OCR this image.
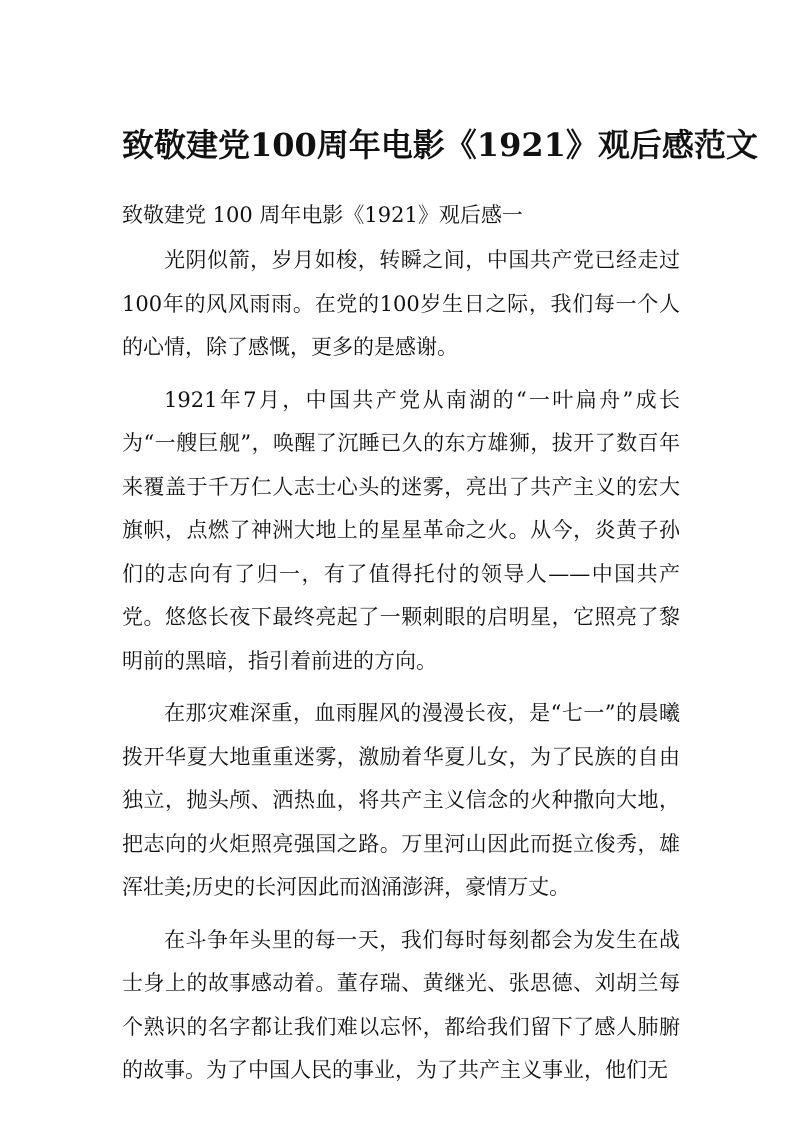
致敬建党100周年电影《1921》观后感范文

致敬建党 100 周年电影《1921》观后感一

光阴似箭，岁月如梭，转瞬之间，中国共产党已经走过100年的风风雨雨。在党的100岁生日之际，我们每一个人的心情，除了感慨，更多的是感谢。

1921年7月，中国共产党从南湖的“一叶扁舟”成长为“一艘巨舰”，唤醒了沉睡已久的东方雄狮，拔开了数百年来覆盖于千万仁人志士心头的迷雾，亮出了共产主义的宏大旗帜，点燃了神洲大地上的星星革命之火。从今，炎黄子孙们的志向有了归一，有了值得托付的领导人——中国共产党。悠悠长夜下最终亮起了一颗刺眼的启明星，它照亮了黎明前的黑暗，指引着前进的方向。

在那灾难深重，血雨腥风的漫漫长夜，是“七一”的晨曦拨开华夏大地重重迷雾，激励着华夏儿女，为了民族的自由独立，抛头颅、洒热血，将共产主义信念的火种撒向大地，把志向的火炬照亮强国之路。万里河山因此而挺立俊秀，雄浑壮美;历史的长河因此而汹涌澎湃，豪情万丈。

在斗争年头里的每一天，我们每时每刻都会为发生在战士身上的故事感动着。董存瑞、黄继光、张思德、刘胡兰每个熟识的名字都让我们难以忘怀，都给我们留下了感人肺腑的故事。为了中国人民的事业，为了共产主义事业，他们无
